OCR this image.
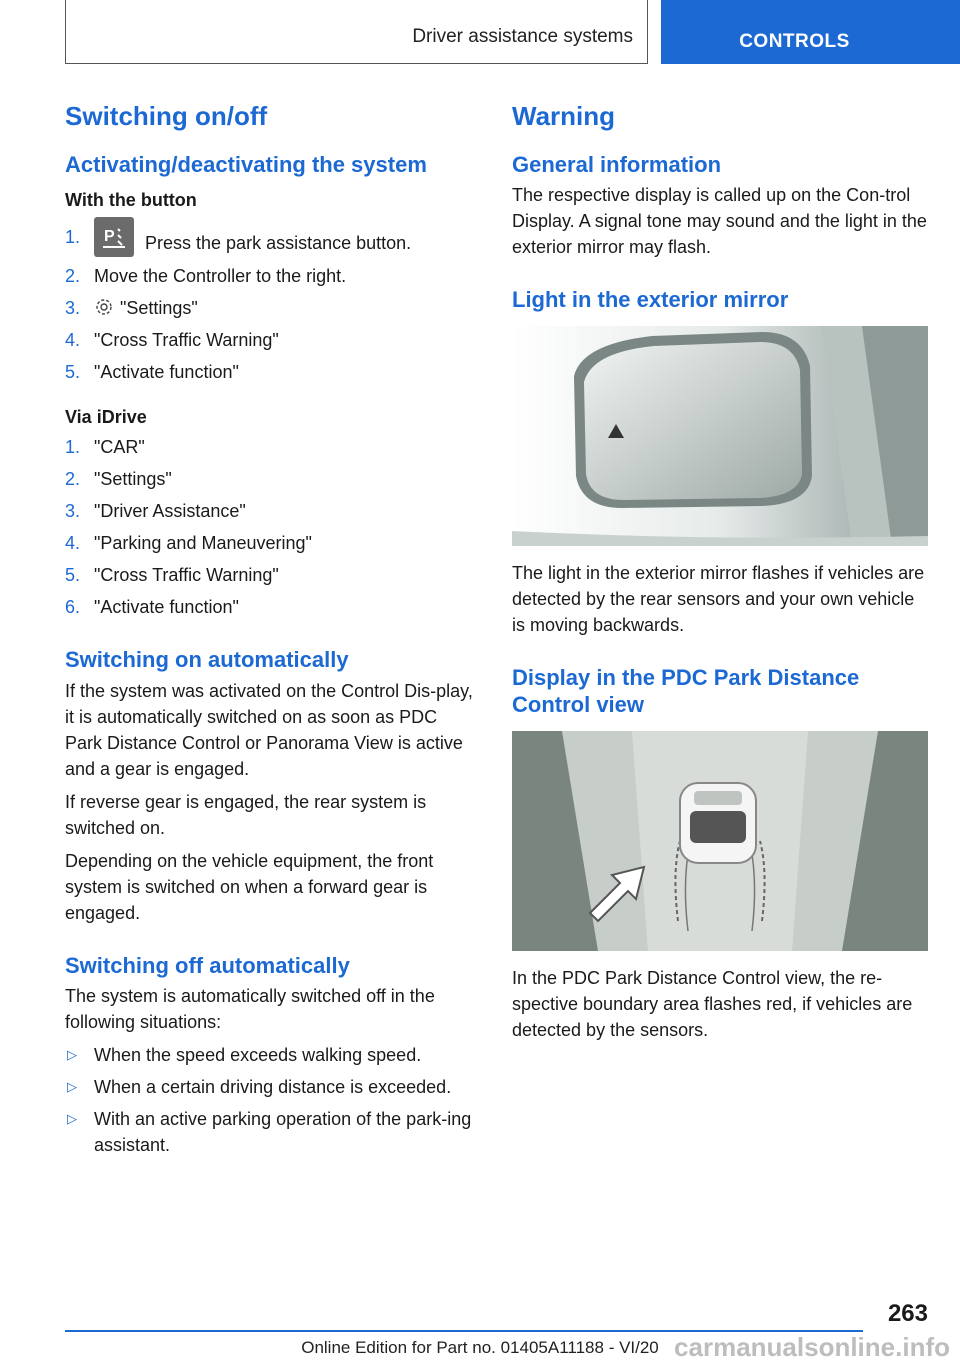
Driver assistance systems	CONTROLS
Switching on/off
Activating/deactivating the system
With the button
1. P Press the park assistance button.
2. Move the Controller to the right.
3. "Settings"
4. "Cross Traffic Warning"
5. "Activate function"
Via iDrive
1. "CAR"
2. "Settings"
3. "Driver Assistance"
4. "Parking and Maneuvering"
5. "Cross Traffic Warning"
6. "Activate function"
Switching on automatically

If the system was activated on the Control Dis-play, it is automatically switched on as soon as PDC Park Distance Control or Panorama View is active and a gear is engaged.

If reverse gear is engaged, the rear system is switched on.

Depending on the vehicle equipment, the front system is switched on when a forward gear is engaged.

Switching off automatically

The system is automatically switched off in the following situations:

▷ When the speed exceeds walking speed.
▷ When a certain driving distance is exceeded.
▷ With an active parking operation of the park-ing assistant.
Warning
General information

The respective display is called up on the Con-trol Display. A signal tone may sound and the light in the exterior mirror may flash.

Light in the exterior mirror

The light in the exterior mirror flashes if vehicles are detected by the rear sensors and your own vehicle is moving backwards.

Display in the PDC Park Distance Control view

In the PDC Park Distance Control view, the re-spective boundary area flashes red, if vehicles are detected by the sensors.

263
Online Edition for Part no. 01405A11188 - VI/20 carmanualsonline.info
